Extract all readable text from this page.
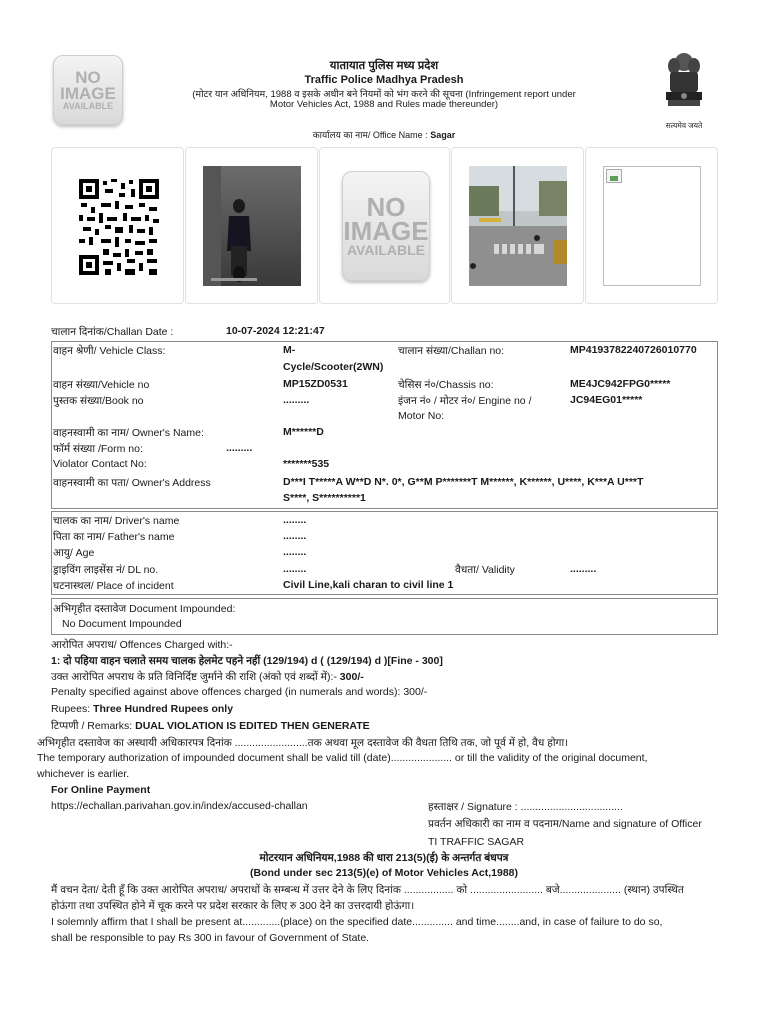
NO
IMAGE
AVAILABLE
यातायात पुलिस मध्य प्रदेश
Traffic Police Madhya Pradesh
(मोटर यान अधिनियम, 1988 व इसके अधीन बने नियमों को भंग करने की सूचना (Infringement report under
Motor Vehicles Act, 1988 and Rules made thereunder)
कार्यालय का नाम/ Office Name : Sagar
सत्यमेव जयते
NO
IMAGE
AVAILABLE
चालान दिनांक/Challan Date :	10-07-2024 12:21:47
वाहन श्रेणी/ Vehicle Class:	M-
Cycle/Scooter(2WN)
चालान संख्या/Challan no:	MP4193782240726010770
वाहन संख्या/Vehicle no	MP15ZD0531	चेसिस नं०/Chassis no:	ME4JC942FPG0*****
पुस्तक संख्या/Book no	.........	इंजन नं० / मोटर नं०/ Engine no /
Motor No:
JC94EG01*****
वाहनस्वामी का नाम/ Owner's Name:	M******D
फॉर्म संख्या /Form no:	.........
Violator Contact No:	*******535
वाहनस्वामी का पता/ Owner's Address	D***I T*****A W**D N*. 0*, G**M P*******T M******, K******, U****, K***A U***T
S****, S**********1
चालक का नाम/ Driver's name	........
पिता का नाम/ Father's name	........
आयु/ Age	........
ड्राइविंग लाइसेंस नं/ DL no.	........	वैधता/ Validity	.........
घटनास्थल/ Place of incident	Civil Line,kali charan to civil line 1
अभिगृहीत दस्तावेज Document Impounded:
No Document Impounded
आरोपित अपराध/ Offences Charged with:-
1: दो पहिया वाहन चलाते समय चालक हेलमेट पहने नहीं (129/194) d ( (129/194) d )[Fine - 300]
उक्त आरोपित अपराध के प्रति विनिर्दिष्ट जुर्माने की राशि (अंको एवं शब्दों में):- 300/-
Penalty specified against above offences charged (in numerals and words): 300/-
Rupees: Three Hundred Rupees only
टिप्पणी / Remarks: DUAL VIOLATION IS EDITED THEN GENERATE
अभिगृहीत दस्तावेज का अस्थायी अधिकारपत्र दिनांक .........................तक अथवा मूल दस्तावेज की वैधता तिथि तक, जो पूर्व में हो, वैध होगा।
The temporary authorization of impounded document shall be valid till (date)..................... or till the validity of the original document,
whichever is earlier.
For Online Payment
https://echallan.parivahan.gov.in/index/accused-challan	हस्ताक्षर / Signature : ...................................
प्रवर्तन अधिकारी का नाम व पदनाम/Name and signature of Officer
TI TRAFFIC SAGAR
मोटरयान अधिनियम,1988 की धारा 213(5)(ई) के अन्तर्गत बंधपत्र
(Bond under sec 213(5)(e) of Motor Vehicles Act,1988)
मैं वचन देता/ देती हूँ कि उक्त आरोपित अपराध/ अपराधों के सम्बन्ध में उत्तर देने के लिए दिनांक ................. को ......................... बजे..................... (स्थान) उपस्थित
होऊंगा तथा उपस्थित होने में चूक करने पर प्रदेश सरकार के लिए रु 300 देने का उत्तरदायी होऊंगा।
I solemnly affirm that I shall be present at.............(place) on the specified date.............. and time........and, in case of failure to do so,
shall be responsible to pay Rs 300 in favour of Government of State.
